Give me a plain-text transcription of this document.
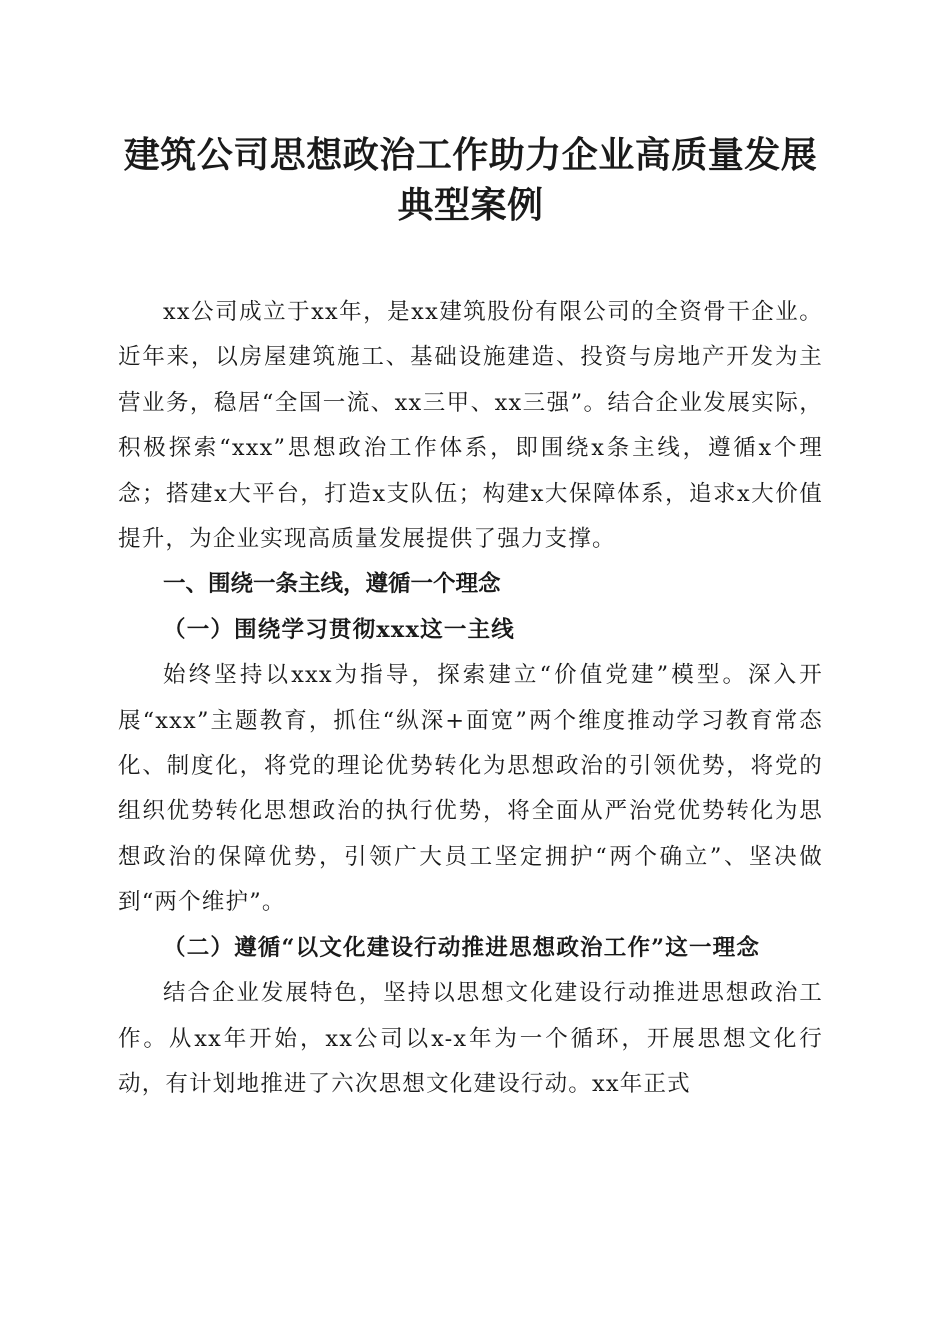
建筑公司思想政治工作助力企业高质量发展典型案例

xx公司成立于xx年，是xx建筑股份有限公司的全资骨干企业。近年来，以房屋建筑施工、基础设施建造、投资与房地产开发为主营业务，稳居“全国一流、xx三甲、xx三强”。结合企业发展实际，积极探索“xxx”思想政治工作体系，即围绕x条主线，遵循x个理念；搭建x大平台，打造x支队伍；构建x大保障体系，追求x大价值提升，为企业实现高质量发展提供了强力支撑。

一、围绕一条主线，遵循一个理念

（一）围绕学习贯彻xxx这一主线

始终坚持以xxx为指导，探索建立“价值党建”模型。深入开展“xxx”主题教育，抓住“纵深+面宽”两个维度推动学习教育常态化、制度化，将党的理论优势转化为思想政治的引领优势，将党的组织优势转化思想政治的执行优势，将全面从严治党优势转化为思想政治的保障优势，引领广大员工坚定拥护“两个确立”、坚决做到“两个维护”。

（二）遵循“以文化建设行动推进思想政治工作”这一理念

结合企业发展特色，坚持以思想文化建设行动推进思想政治工作。从xx年开始，xx公司以x-x年为一个循环，开展思想文化行动，有计划地推进了六次思想文化建设行动。xx年正式
